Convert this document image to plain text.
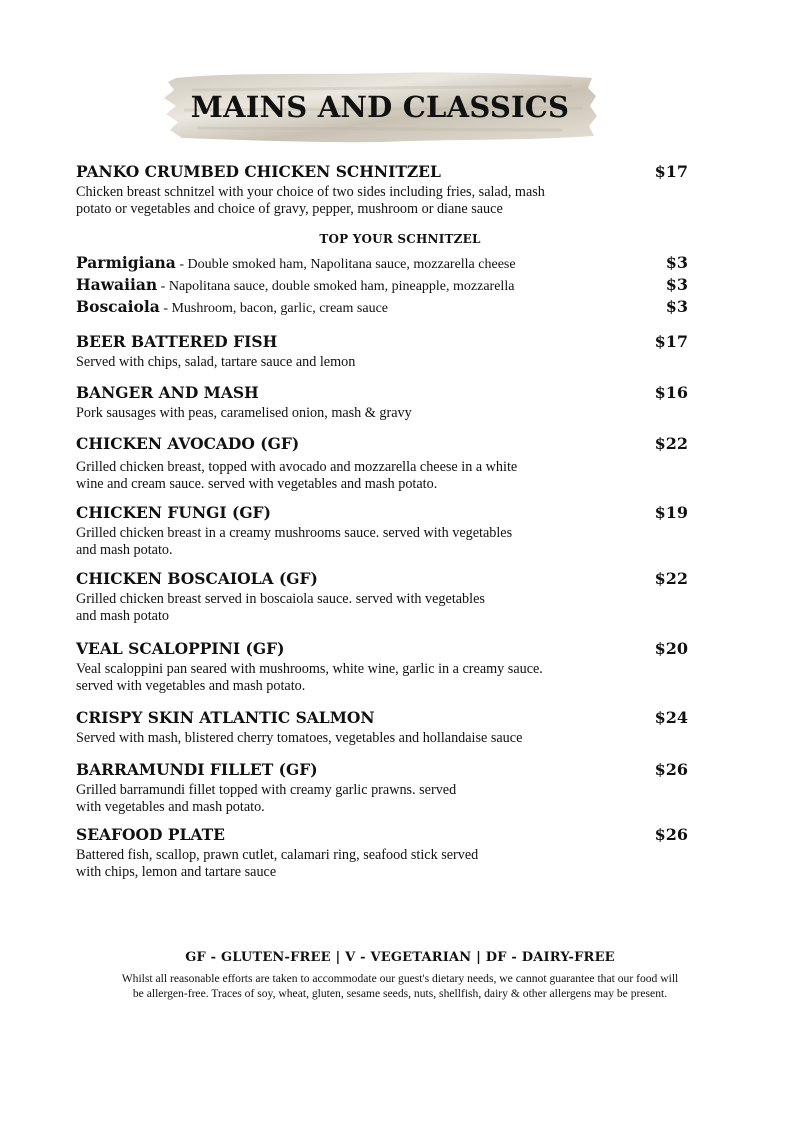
MAINS AND CLASSICS
PANKO CRUMBED CHICKEN SCHNITZEL	$17
Chicken breast schnitzel with your choice of two sides including fries, salad, mash
potato or vegetables and choice of gravy, pepper, mushroom or diane sauce
TOP YOUR SCHNITZEL
Parmigiana - Double smoked ham, Napolitana sauce, mozzarella cheese	$3
Hawaiian - Napolitana sauce, double smoked ham, pineapple, mozzarella	$3
Boscaiola - Mushroom, bacon, garlic, cream sauce	$3
BEER BATTERED FISH	$17
Served with chips, salad, tartare sauce and lemon
BANGER AND MASH	$16
Pork sausages with peas, caramelised onion, mash & gravy
CHICKEN AVOCADO (GF)	$22
Grilled chicken breast, topped with avocado and mozzarella cheese in a white
wine and cream sauce. served with vegetables and mash potato.
CHICKEN FUNGI (GF)	$19
Grilled chicken breast in a creamy mushrooms sauce. served with vegetables
and mash potato.
CHICKEN BOSCAIOLA (GF)	$22
Grilled chicken breast served in boscaiola sauce. served with vegetables
and mash potato
VEAL SCALOPPINI (GF)	$20
Veal scaloppini pan seared with mushrooms, white wine, garlic in a creamy sauce.
served with vegetables and mash potato.
CRISPY SKIN ATLANTIC SALMON	$24
Served with mash, blistered cherry tomatoes, vegetables and hollandaise sauce
BARRAMUNDI FILLET (GF)	$26
Grilled barramundi fillet topped with creamy garlic prawns. served
with vegetables and mash potato.
SEAFOOD PLATE	$26
Battered fish, scallop, prawn cutlet, calamari ring, seafood stick served
with chips, lemon and tartare sauce
GF - GLUTEN-FREE | V - VEGETARIAN | DF - DAIRY-FREE
Whilst all reasonable efforts are taken to accommodate our guest's dietary needs, we cannot guarantee that our food will
be allergen-free. Traces of soy, wheat, gluten, sesame seeds, nuts, shellfish, dairy & other allergens may be present.
